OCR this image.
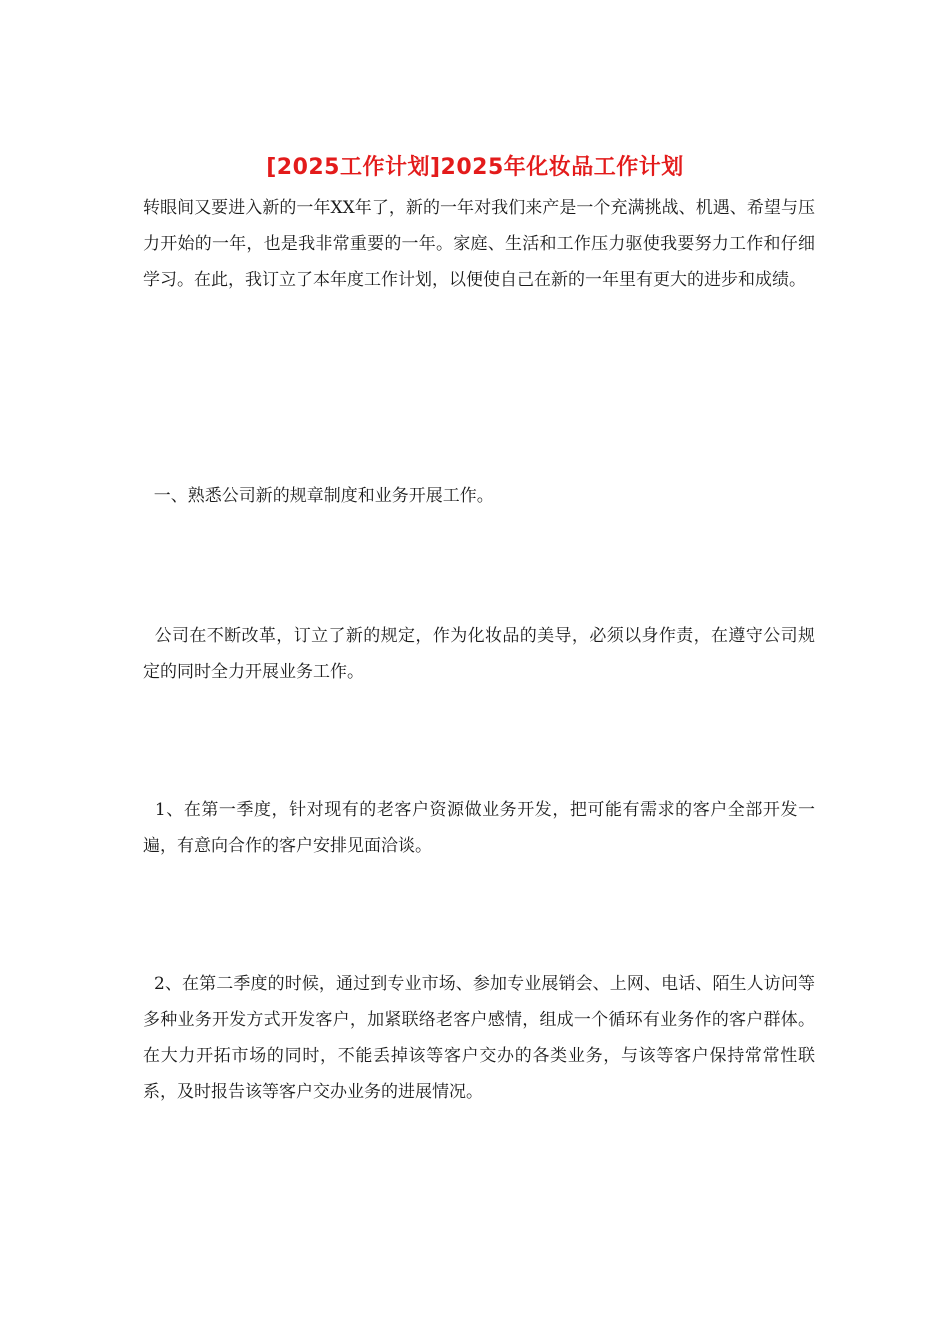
[2025工作计划]2025年化妆品工作计划
转眼间又要进入新的一年XX年了，新的一年对我们来产是一个充满挑战、机遇、希望与压力开始的一年，也是我非常重要的一年。家庭、生活和工作压力驱使我要努力工作和仔细学习。在此，我订立了本年度工作计划，以便使自己在新的一年里有更大的进步和成绩。
一、熟悉公司新的规章制度和业务开展工作。
公司在不断改革，订立了新的规定，作为化妆品的美导，必须以身作责，在遵守公司规定的同时全力开展业务工作。
1、在第一季度，针对现有的老客户资源做业务开发，把可能有需求的客户全部开发一遍，有意向合作的客户安排见面洽谈。
2、在第二季度的时候，通过到专业市场、参加专业展销会、上网、电话、陌生人访问等多种业务开发方式开发客户，加紧联络老客户感情，组成一个循环有业务作的客户群体。在大力开拓市场的同时，不能丢掉该等客户交办的各类业务，与该等客户保持常常性联系，及时报告该等客户交办业务的进展情况。
